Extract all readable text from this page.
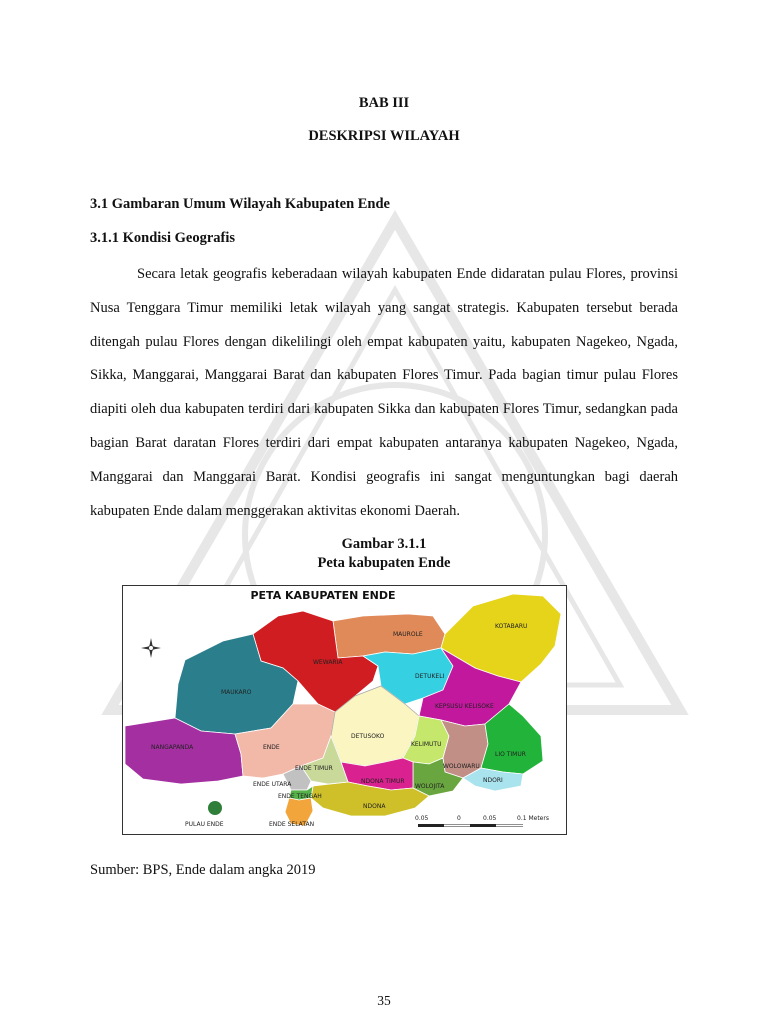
BAB III
DESKRIPSI WILAYAH
3.1 Gambaran Umum Wilayah Kabupaten Ende
3.1.1 Kondisi Geografis

Secara letak geografis keberadaan wilayah kabupaten Ende didaratan pulau Flores, provinsi Nusa Tenggara Timur memiliki letak wilayah yang sangat strategis. Kabupaten tersebut berada ditengah pulau Flores dengan dikelilingi oleh empat kabupaten yaitu, kabupaten Nagekeo, Ngada, Sikka, Manggarai, Manggarai Barat dan kabupaten Flores Timur. Pada bagian timur pulau Flores diapiti oleh dua kabupaten terdiri dari kabupaten Sikka dan kabupaten Flores Timur, sedangkan pada bagian Barat daratan Flores terdiri dari empat kabupaten antaranya kabupaten Nagekeo, Ngada, Manggarai dan Manggarai Barat. Kondisi geografis ini sangat menguntungkan bagi daerah kabupaten Ende dalam menggerakan aktivitas ekonomi Daerah.

Gambar 3.1.1
Peta kabupaten Ende
PETA KABUPATEN ENDE
MAUROLE
KOTABARU
WEWARIA
DETUKELI
MAUKARO
KEPSUSU KELISOKE
NANGAPANDA	ENDE
DETUSOKO
KELIMUTU
LIO TIMUR
WOLOWARU
NDORI
ENDE TIMUR
ENDE UTARA
ENDE TENGAH
NDONA TIMUR
WOLOJITA
NDONA
PULAU ENDE	ENDE SELATAN
0.05	0	0.05	0.1 Meters
Sumber: BPS, Ende dalam angka 2019
35
